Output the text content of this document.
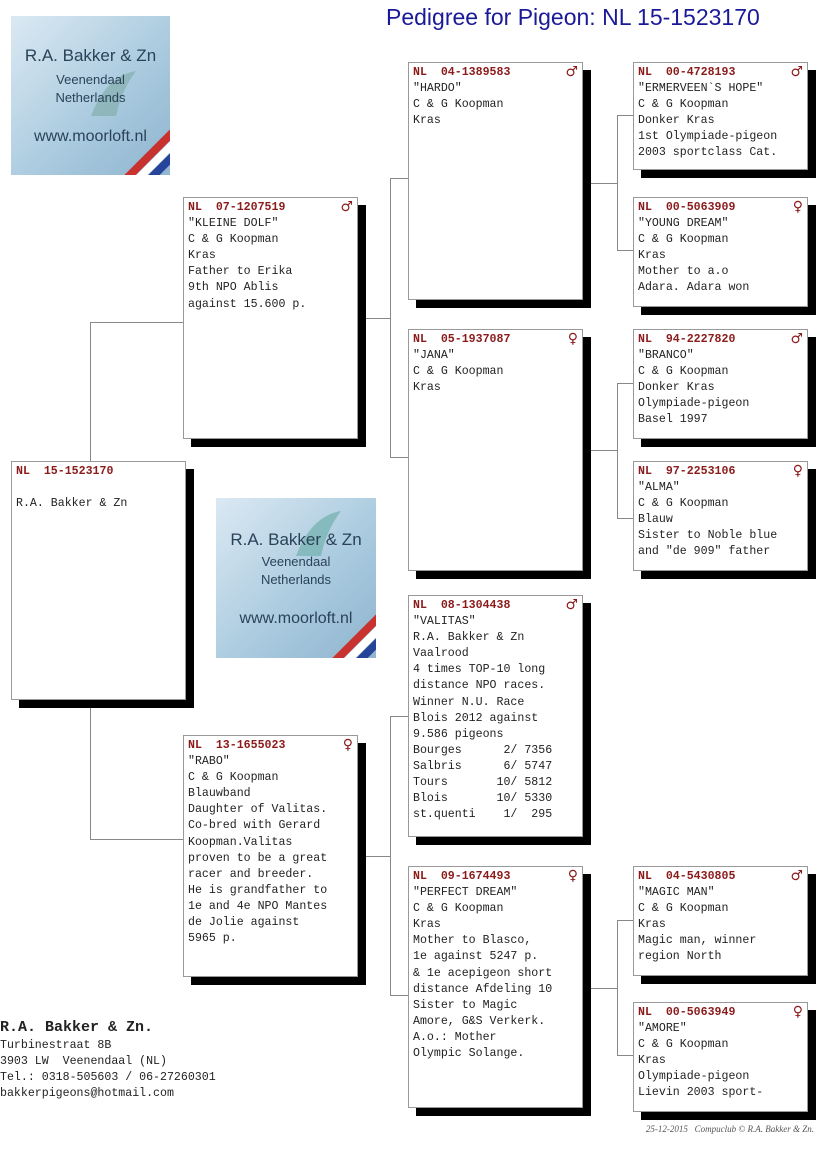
Pedigree for Pigeon: NL 15-1523170
R.A. Bakker & Zn
Veenendaal
Netherlands
www.moorloft.nl
R.A. Bakker & Zn
Veenendaal
Netherlands
www.moorloft.nl
NL  15-1523170

R.A. Bakker & Zn
NL  07-1207519	♂
"KLEINE DOLF"
C & G Koopman
Kras
Father to Erika
9th NPO Ablis
against 15.600 p.
NL  13-1655023	♀
"RABO"
C & G Koopman
Blauwband
Daughter of Valitas.
Co-bred with Gerard
Koopman.Valitas
proven to be a great
racer and breeder.
He is grandfather to
1e and 4e NPO Mantes
de Jolie against
5965 p.
NL  04-1389583	♂
"HARDO"
C & G Koopman
Kras
NL  05-1937087	♀
"JANA"
C & G Koopman
Kras
NL  08-1304438	♂
"VALITAS"
R.A. Bakker & Zn
Vaalrood
4 times TOP-10 long
distance NPO races.
Winner N.U. Race
Blois 2012 against
9.586 pigeons
Bourges      2/ 7356
Salbris      6/ 5747
Tours       10/ 5812
Blois       10/ 5330
st.quenti    1/  295
NL  09-1674493	♀
"PERFECT DREAM"
C & G Koopman
Kras
Mother to Blasco,
1e against 5247 p.
& 1e acepigeon short
distance Afdeling 10
Sister to Magic
Amore, G&S Verkerk.
A.o.: Mother
Olympic Solange.
NL  00-4728193	♂
"ERMERVEEN`S HOPE"
C & G Koopman
Donker Kras
1st Olympiade-pigeon
2003 sportclass Cat.
NL  00-5063909	♀
"YOUNG DREAM"
C & G Koopman
Kras
Mother to a.o
Adara. Adara won
NL  94-2227820	♂
"BRANCO"
C & G Koopman
Donker Kras
Olympiade-pigeon
Basel 1997
NL  97-2253106	♀
"ALMA"
C & G Koopman
Blauw
Sister to Noble blue
and "de 909" father
NL  04-5430805	♂
"MAGIC MAN"
C & G Koopman
Kras
Magic man, winner
region North
NL  00-5063949	♀
"AMORE"
C & G Koopman
Kras
Olympiade-pigeon
Lievin 2003 sport-
R.A. Bakker & Zn.
Turbinestraat 8B
3903 LW  Veenendaal (NL)
Tel.: 0318-505603 / 06-27260301
bakkerpigeons@hotmail.com
25-12-2015   Compuclub © R.A. Bakker & Zn.
